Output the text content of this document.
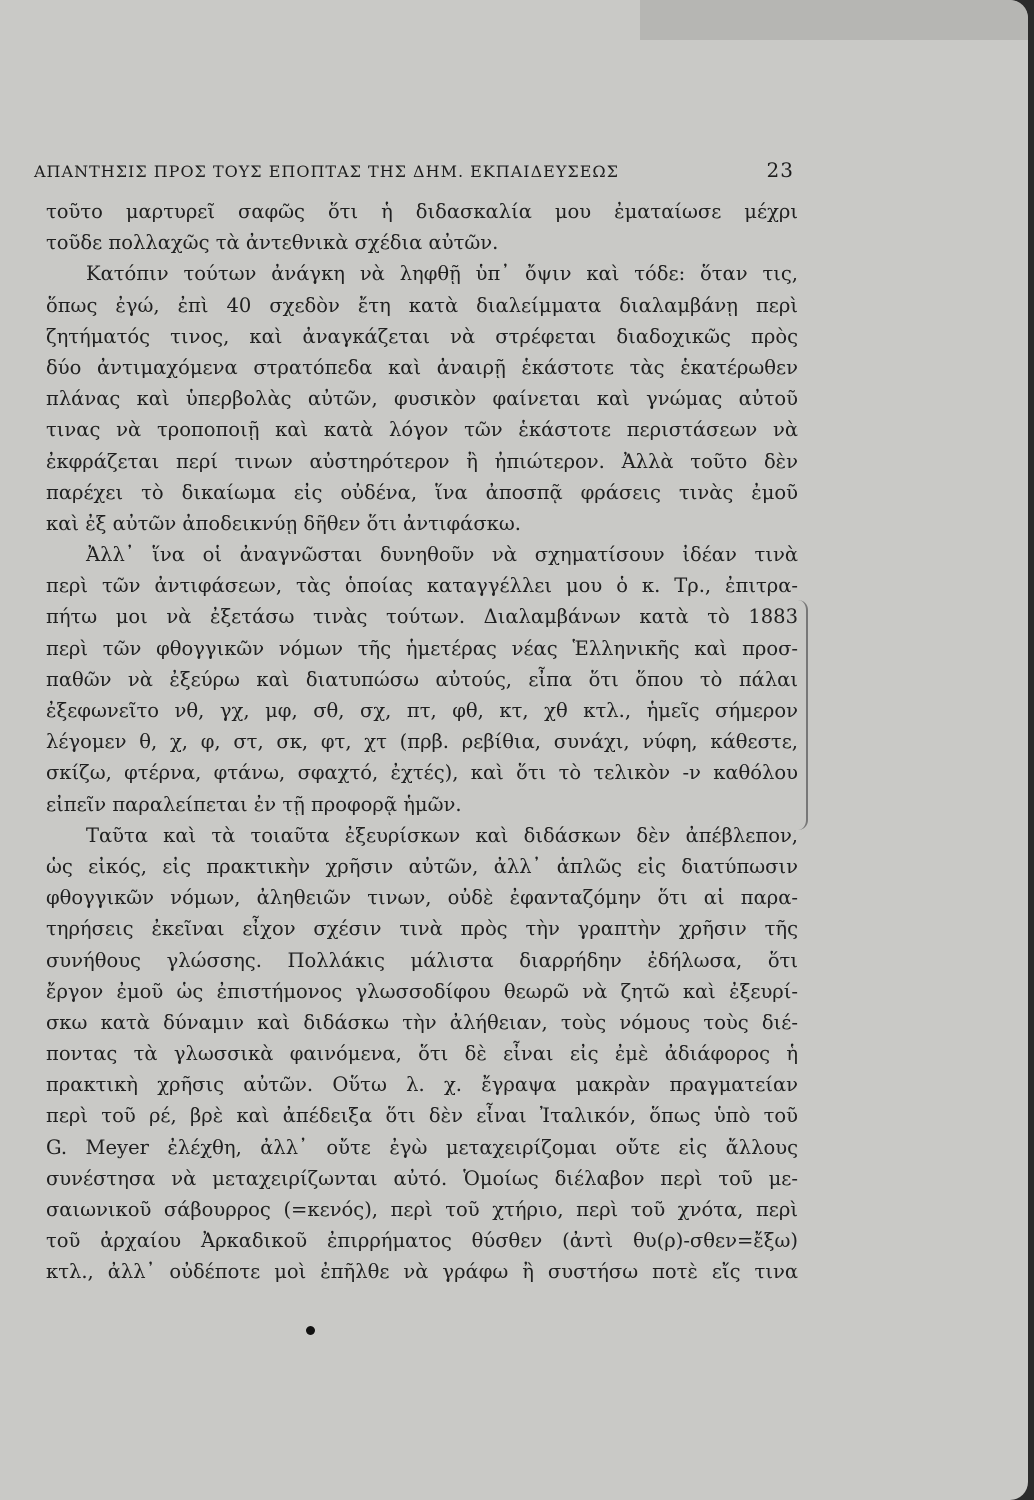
ΑΠΑΝΤΗΣΙΣ ΠΡΟΣ ΤΟΥΣ ΕΠΟΠΤΑΣ ΤΗΣ ΔΗΜ. ΕΚΠΑΙΔΕΥΣΕΩΣ	23
τοῦτο μαρτυρεῖ σαφῶς ὅτι ἡ διδασκαλία μου ἐματαίωσε μέχρι
τοῦδε πολλαχῶς τὰ ἀντεθνικὰ σχέδια αὐτῶν.
Κατόπιν τούτων ἀνάγκη νὰ ληφθῇ ὑπ᾽ ὄψιν καὶ τόδε: ὅταν τις,
ὅπως ἐγώ, ἐπὶ 40 σχεδὸν ἔτη κατὰ διαλείμματα διαλαμβάνῃ περὶ
ζητήματός τινος, καὶ ἀναγκάζεται νὰ στρέφεται διαδοχικῶς πρὸς
δύο ἀντιμαχόμενα στρατόπεδα καὶ ἀναιρῇ ἑκάστοτε τὰς ἑκατέρωθεν
πλάνας καὶ ὑπερβολὰς αὐτῶν, φυσικὸν φαίνεται καὶ γνώμας αὐτοῦ
τινας νὰ τροποποιῇ καὶ κατὰ λόγον τῶν ἑκάστοτε περιστάσεων νὰ
ἐκφράζεται περί τινων αὐστηρότερον ἢ ἠπιώτερον. Ἀλλὰ τοῦτο δὲν
παρέχει τὸ δικαίωμα εἰς οὐδένα, ἵνα ἀποσπᾷ φράσεις τινὰς ἐμοῦ
καὶ ἐξ αὐτῶν ἀποδεικνύῃ δῆθεν ὅτι ἀντιφάσκω.
Ἀλλ᾽ ἵνα οἱ ἀναγνῶσται δυνηθοῦν νὰ σχηματίσουν ἰδέαν τινὰ
περὶ τῶν ἀντιφάσεων, τὰς ὁποίας καταγγέλλει μου ὁ κ. Τρ., ἐπιτρα-
πήτω μοι νὰ ἐξετάσω τινὰς τούτων. Διαλαμβάνων κατὰ τὸ 1883
περὶ τῶν φθογγικῶν νόμων τῆς ἡμετέρας νέας Ἑλληνικῆς καὶ προσ-
παθῶν νὰ ἐξεύρω καὶ διατυπώσω αὐτούς, εἶπα ὅτι ὅπου τὸ πάλαι
ἐξεφωνεῖτο νθ, γχ, μφ, σθ, σχ, πτ, φθ, κτ, χθ κτλ., ἡμεῖς σήμερον
λέγομεν θ, χ, φ, στ, σκ, φτ, χτ (πρβ. ρεβίθια, συνάχι, νύφη, κάθεστε,
σκίζω, φτέρνα, φτάνω, σφαχτό, ἐχτές), καὶ ὅτι τὸ τελικὸν -ν καθόλου
εἰπεῖν παραλείπεται ἐν τῇ προφορᾷ ἡμῶν.
Ταῦτα καὶ τὰ τοιαῦτα ἐξευρίσκων καὶ διδάσκων δὲν ἀπέβλεπον,
ὡς εἰκός, εἰς πρακτικὴν χρῆσιν αὐτῶν, ἀλλ᾽ ἁπλῶς εἰς διατύπωσιν
φθογγικῶν νόμων, ἀληθειῶν τινων, οὐδὲ ἐφανταζόμην ὅτι αἱ παρα-
τηρήσεις ἐκεῖναι εἶχον σχέσιν τινὰ πρὸς τὴν γραπτὴν χρῆσιν τῆς
συνήθους γλώσσης. Πολλάκις μάλιστα διαρρήδην ἐδήλωσα, ὅτι
ἔργον ἐμοῦ ὡς ἐπιστήμονος γλωσσοδίφου θεωρῶ νὰ ζητῶ καὶ ἐξευρί-
σκω κατὰ δύναμιν καὶ διδάσκω τὴν ἀλήθειαν, τοὺς νόμους τοὺς διέ-
ποντας τὰ γλωσσικὰ φαινόμενα, ὅτι δὲ εἶναι εἰς ἐμὲ ἀδιάφορος ἡ
πρακτικὴ χρῆσις αὐτῶν. Οὕτω λ. χ. ἔγραψα μακρὰν πραγματείαν
περὶ τοῦ ρέ, βρὲ καὶ ἀπέδειξα ὅτι δὲν εἶναι Ἰταλικόν, ὅπως ὑπὸ τοῦ
G. Meyer ἐλέχθη, ἀλλ᾽ οὔτε ἐγὼ μεταχειρίζομαι οὔτε εἰς ἄλλους
συνέστησα νὰ μεταχειρίζωνται αὐτό. Ὁμοίως διέλαβον περὶ τοῦ με-
σαιωνικοῦ σάβουρρος (=κενός), περὶ τοῦ χτήριο, περὶ τοῦ χνότα, περὶ
τοῦ ἀρχαίου Ἀρκαδικοῦ ἐπιρρήματος θύσθεν (ἀντὶ θυ(ρ)-σθεν=ἔξω)
κτλ., ἀλλ᾽ οὐδέποτε μοὶ ἐπῆλθε νὰ γράφω ἢ συστήσω ποτὲ εἴς τινα
